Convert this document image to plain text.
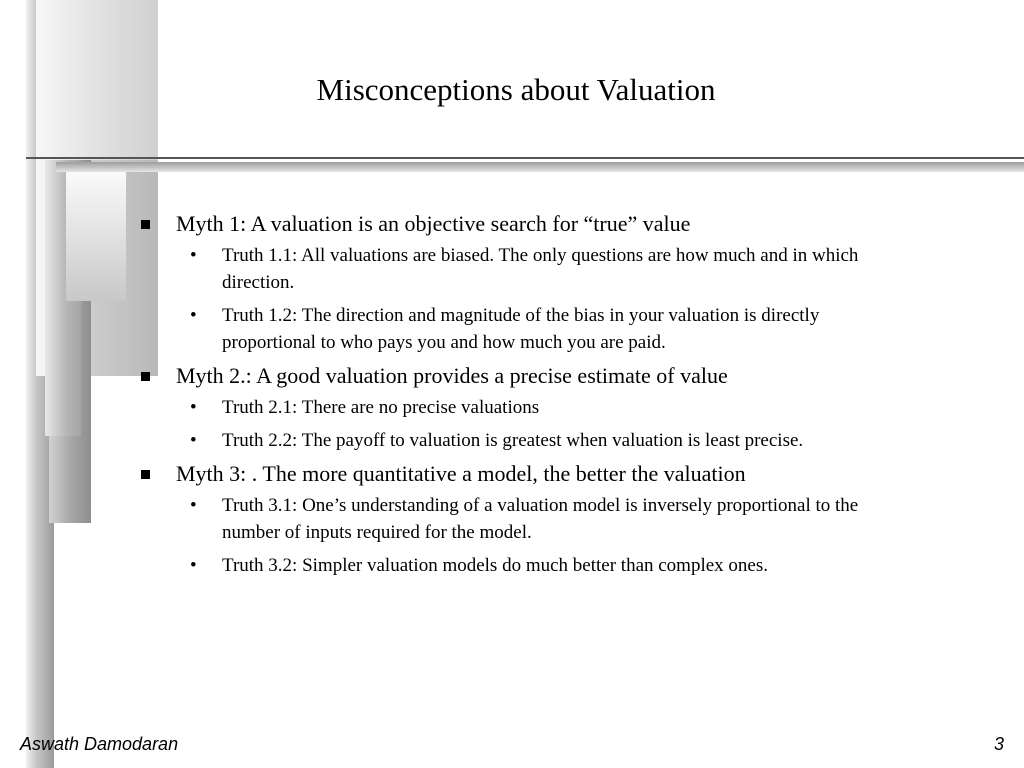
Misconceptions about Valuation
Myth 1: A valuation is an objective search for “true” value
• Truth 1.1: All valuations are biased. The only questions are how much and in which direction.
• Truth 1.2: The direction and magnitude of the bias in your valuation is directly proportional to who pays you and how much you are paid.
Myth 2.: A good valuation provides a precise estimate of value
• Truth 2.1: There are no precise valuations
• Truth 2.2: The payoff to valuation is greatest when valuation is least precise.
Myth 3: . The more quantitative a model, the better the valuation
• Truth 3.1: One’s understanding of a valuation model is inversely proportional to the number of inputs required for the model.
• Truth 3.2: Simpler valuation models do much better than complex ones.
Aswath Damodaran	3
